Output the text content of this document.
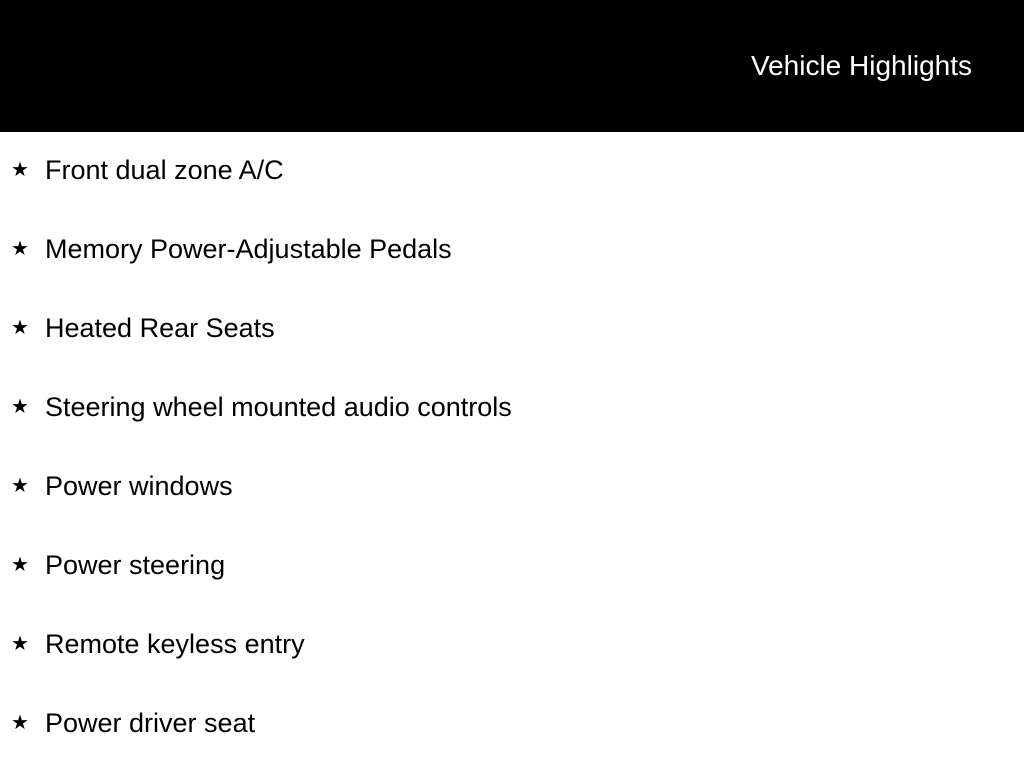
Vehicle Highlights
★ Front dual zone A/C
★ Memory Power-Adjustable Pedals
★ Heated Rear Seats
★ Steering wheel mounted audio controls
★ Power windows
★ Power steering
★ Remote keyless entry
★ Power driver seat
